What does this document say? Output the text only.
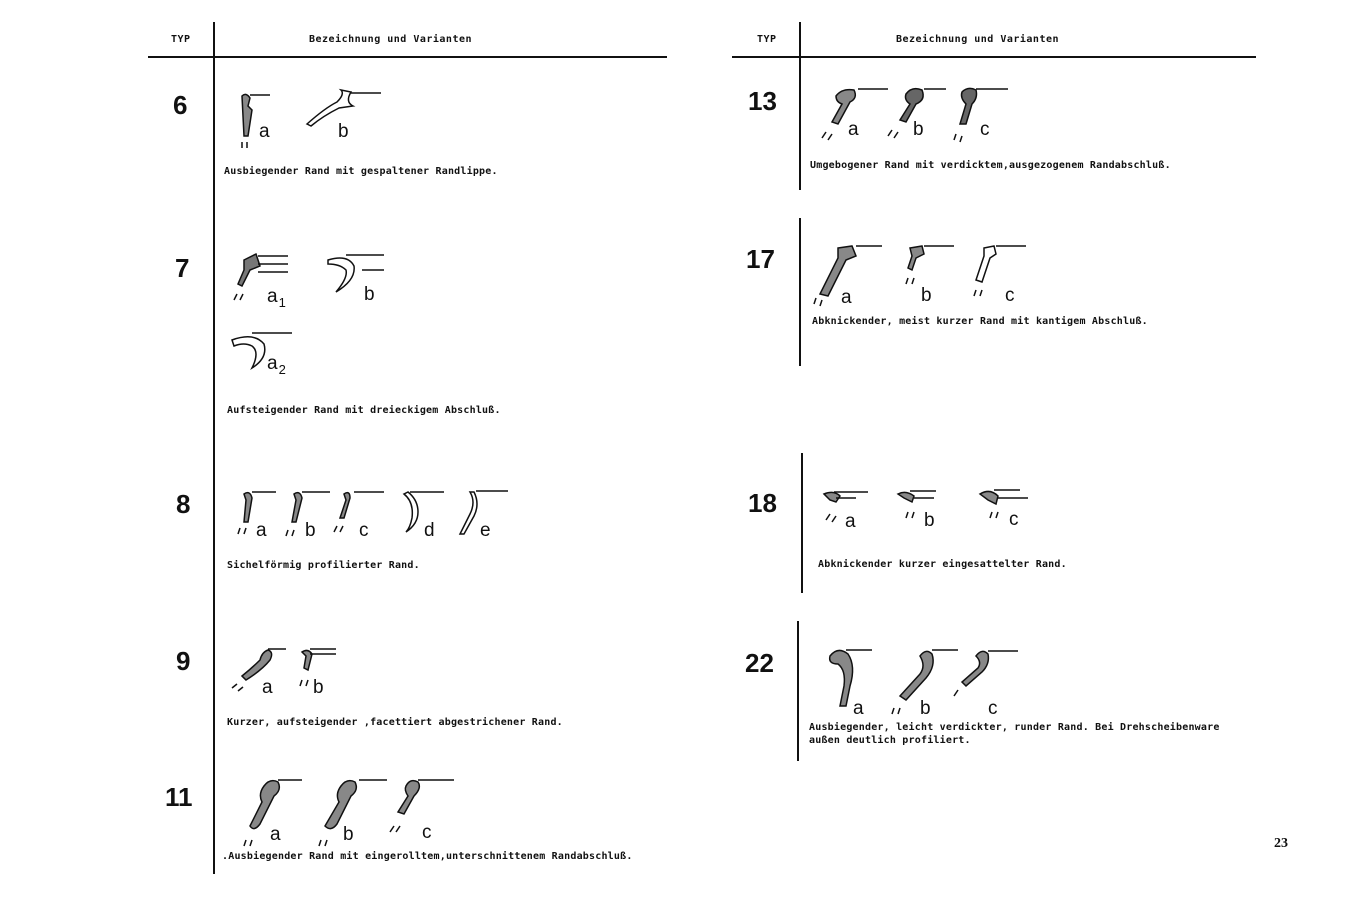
TYP	Bezeichnung und Varianten
6
a	b
Ausbiegender Rand mit gespaltener Randlippe.
7
$a_1$	b
$a_2$
Aufsteigender Rand mit dreieckigem Abschluß.
8
a b c	d e
Sichelförmig profilierter Rand.
9
a b
Kurzer, aufsteigender ,facettiert abgestrichener Rand.
11
a	b	c
.Ausbiegender Rand mit eingerolltem,unterschnittenem Randabschluß.
TYP	Bezeichnung und Varianten
13
a	b	c
Umgebogener Rand mit verdicktem,ausgezogenem Randabschluß.
17
a	b	c
Abknickender, meist kurzer Rand mit kantigem Abschluß.
18
a	b	c
Abknickender kurzer eingesattelter Rand.
22
a	b	c
Ausbiegender, leicht verdickter, runder Rand. Bei Drehscheibenware
außen deutlich profiliert.
23
